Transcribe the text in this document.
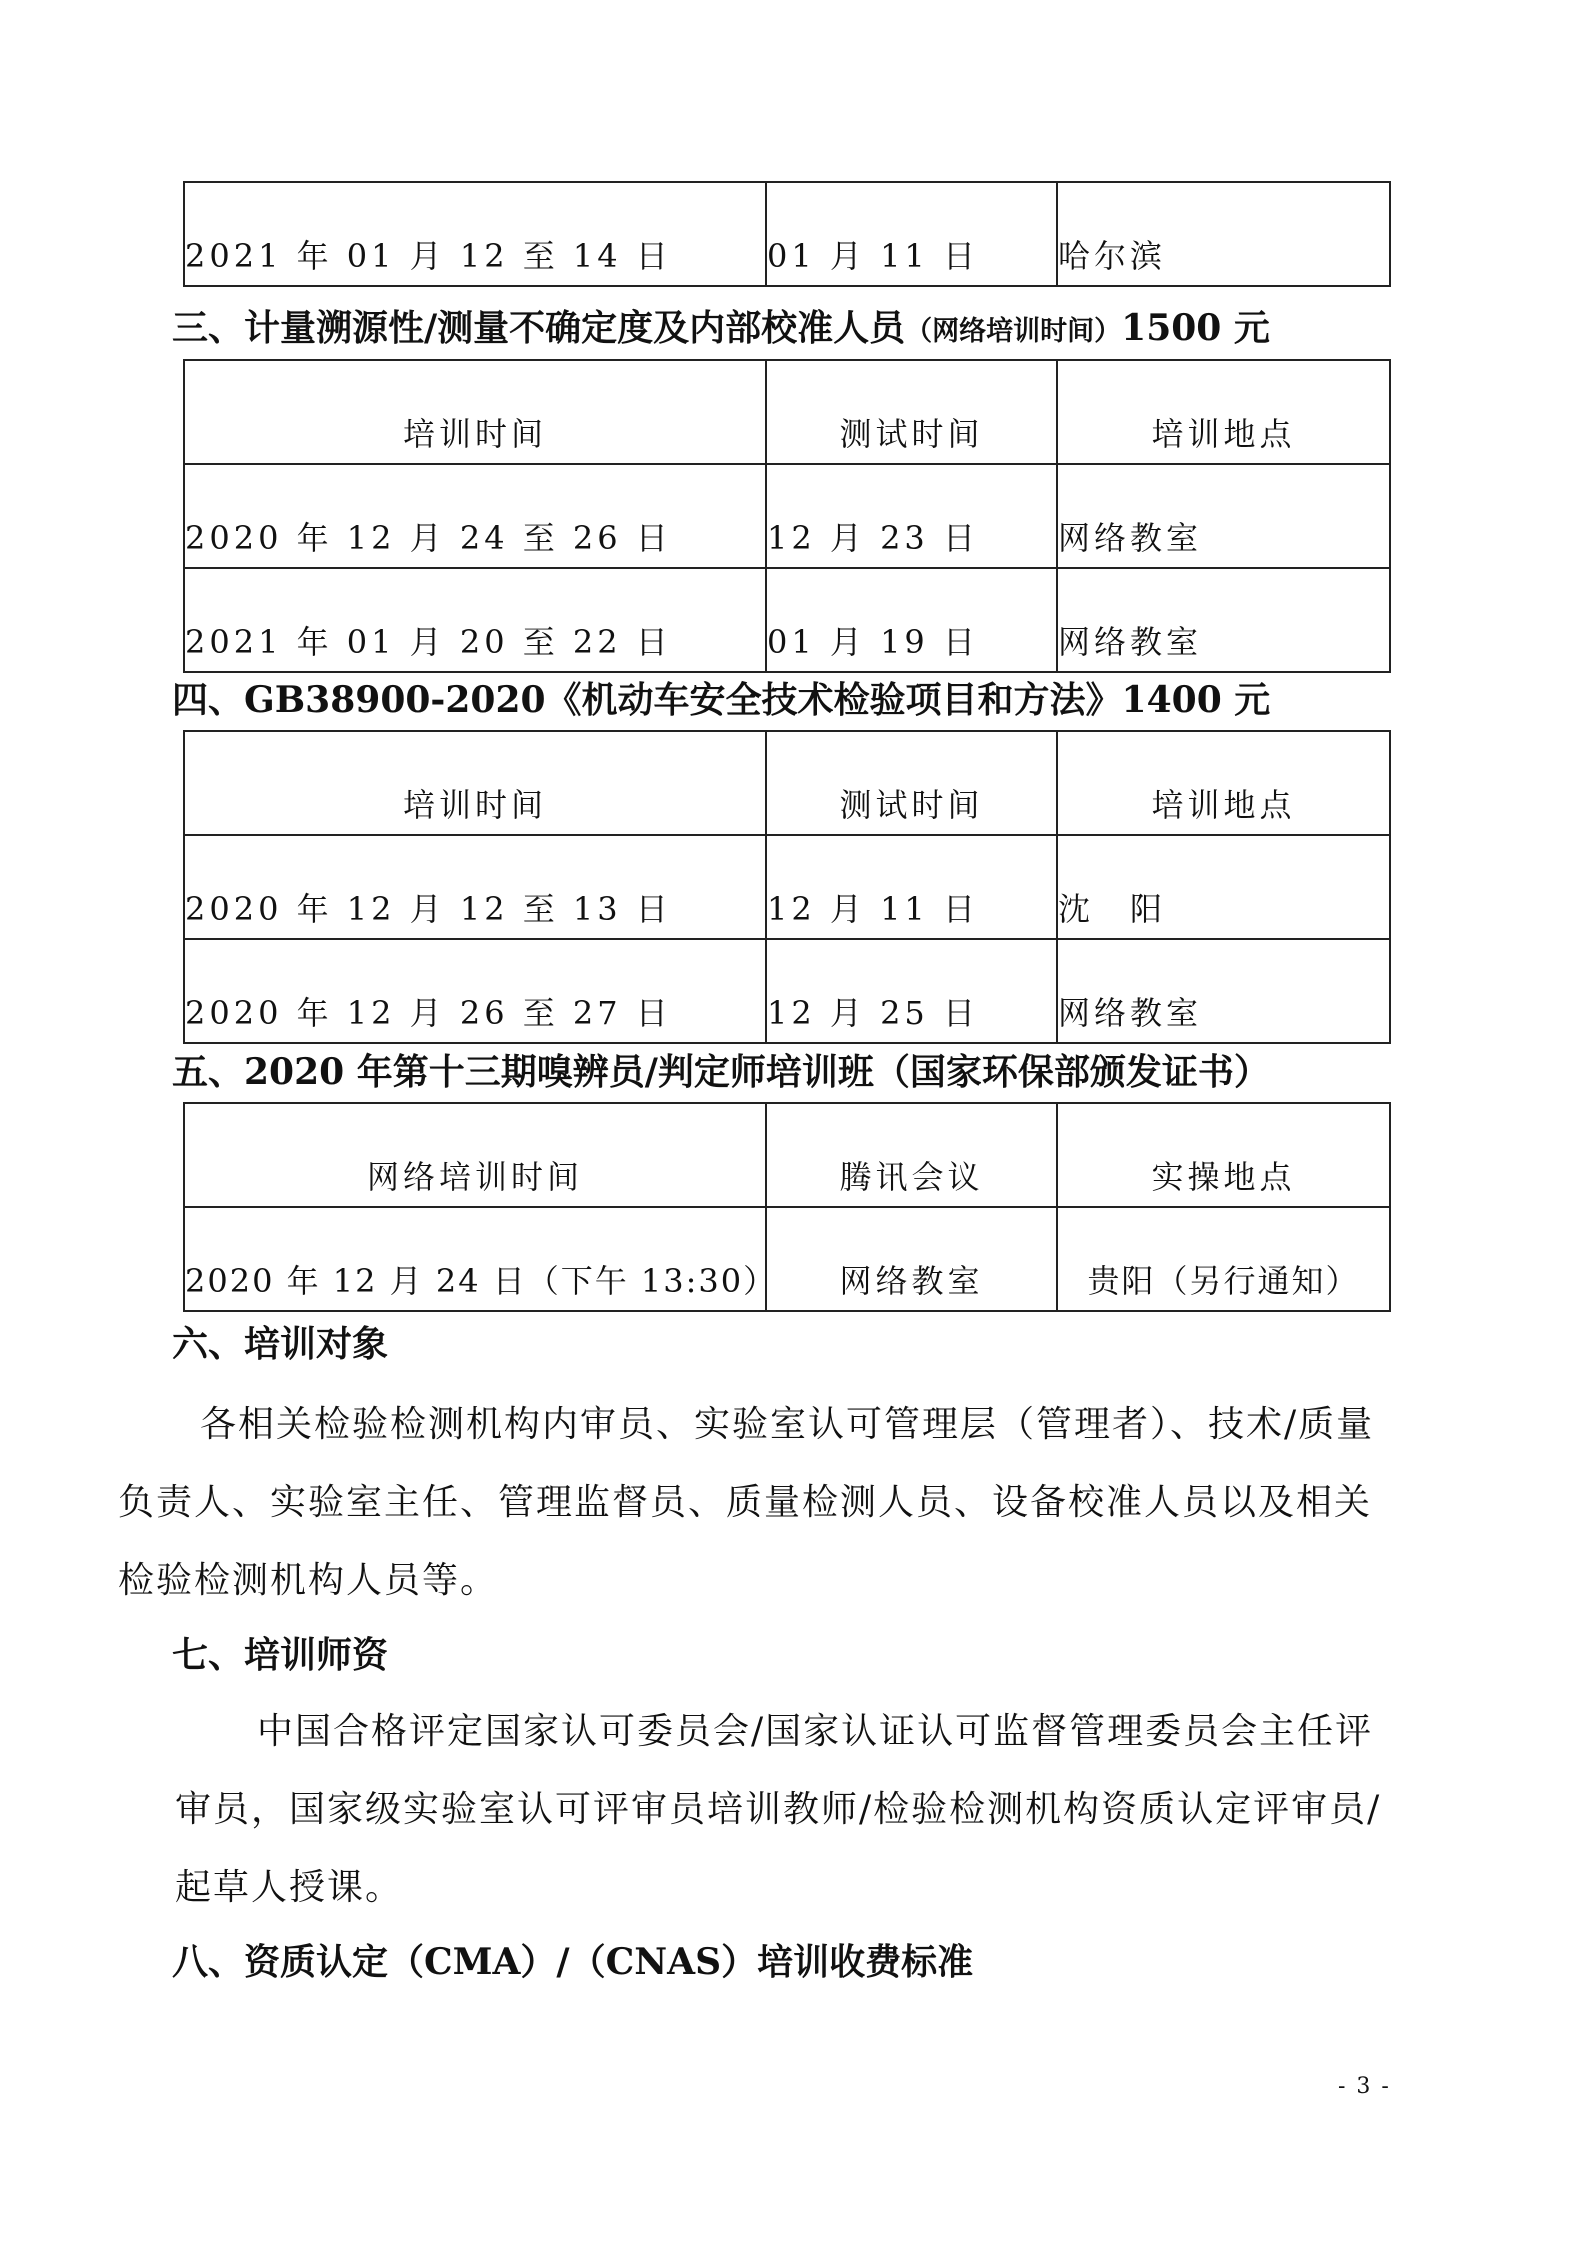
2021 年 01 月 12 至 14 日	01 月 11 日	哈尔滨
三、计量溯源性/测量不确定度及内部校准人员（网络培训时间）1500 元
培训时间	测试时间	培训地点
2020 年 12 月 24 至 26 日	12 月 23 日	网络教室
2021 年 01 月 20 至 22 日	01 月 19 日	网络教室
四、GB38900-2020《机动车安全技术检验项目和方法》1400 元
培训时间	测试时间	培训地点
2020 年 12 月 12 至 13 日	12 月 11 日	沈　阳
2020 年 12 月 26 至 27 日	12 月 25 日	网络教室
五、2020 年第十三期嗅辨员/判定师培训班（国家环保部颁发证书）
网络培训时间	腾讯会议	实操地点
2020 年 12 月 24 日（下午 13:30）	网络教室	贵阳（另行通知）
六、培训对象

各相关检验检测机构内审员、实验室认可管理层（管理者）、技术/质量负责人、实验室主任、管理监督员、质量检测人员、设备校准人员以及相关检验检测机构人员等。

七、培训师资

中国合格评定国家认可委员会/国家认证认可监督管理委员会主任评审员，国家级实验室认可评审员培训教师/检验检测机构资质认定评审员/起草人授课。

八、资质认定（CMA）/（CNAS）培训收费标准
- 3 -
